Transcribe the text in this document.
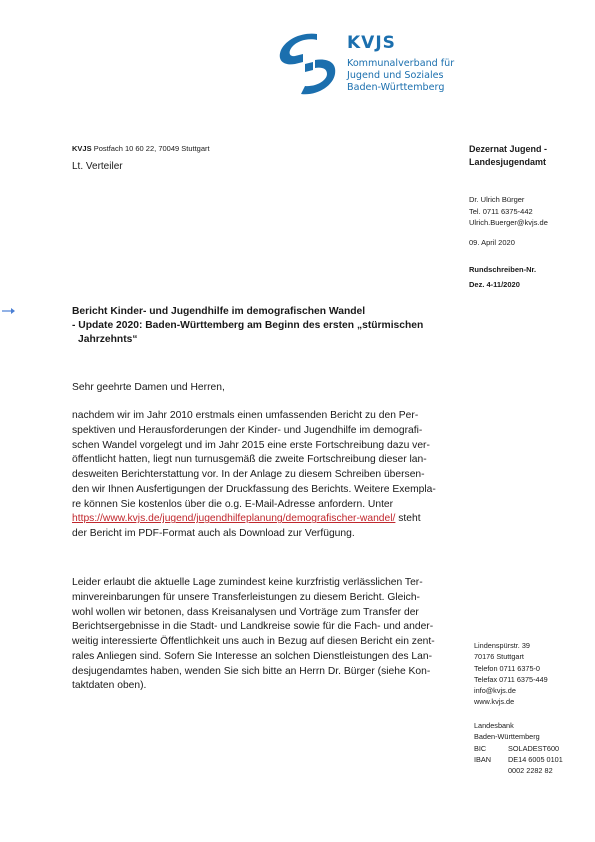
KVJS
Kommunalverband für
Jugend und Soziales
Baden-Württemberg
KVJS Postfach 10 60 22, 70049 Stuttgart
Lt. Verteiler
Dezernat Jugend -
Landesjugendamt
Dr. Ulrich Bürger
Tel. 0711 6375-442
Ulrich.Buerger@kvjs.de
09. April 2020
Rundschreiben-Nr.
Dez. 4-11/2020
Bericht Kinder- und Jugendhilfe im demografischen Wandel
- Update 2020: Baden-Württemberg am Beginn des ersten „stürmischen
Jahrzehnts“
Sehr geehrte Damen und Herren,
nachdem wir im Jahr 2010 erstmals einen umfassenden Bericht zu den Per-
spektiven und Herausforderungen der Kinder- und Jugendhilfe im demografi-
schen Wandel vorgelegt und im Jahr 2015 eine erste Fortschreibung dazu ver-
öffentlicht hatten, liegt nun turnusgemäß die zweite Fortschreibung dieser lan-
desweiten Berichterstattung vor. In der Anlage zu diesem Schreiben übersen-
den wir Ihnen Ausfertigungen der Druckfassung des Berichts. Weitere Exempla-
re können Sie kostenlos über die o.g. E-Mail-Adresse anfordern. Unter
https://www.kvjs.de/jugend/jugendhilfeplanung/demografischer-wandel/ steht
der Bericht im PDF-Format auch als Download zur Verfügung.
Leider erlaubt die aktuelle Lage zumindest keine kurzfristig verlässlichen Ter-
minvereinbarungen für unsere Transferleistungen zu diesem Bericht. Gleich-
wohl wollen wir betonen, dass Kreisanalysen und Vorträge zum Transfer der
Berichtsergebnisse in die Stadt- und Landkreise sowie für die Fach- und ander-
weitig interessierte Öffentlichkeit uns auch in Bezug auf diesen Bericht ein zent-
rales Anliegen sind. Sofern Sie Interesse an solchen Dienstleistungen des Lan-
desjugendamtes haben, wenden Sie sich bitte an Herrn Dr. Bürger (siehe Kon-
taktdaten oben).
Lindenspürstr. 39
70176 Stuttgart
Telefon 0711 6375-0
Telefax 0711 6375-449
info@kvjs.de
www.kvjs.de
Landesbank
Baden-Württemberg
BIC	SOLADEST600
IBAN DE14 6005 0101
0002 2282 82
